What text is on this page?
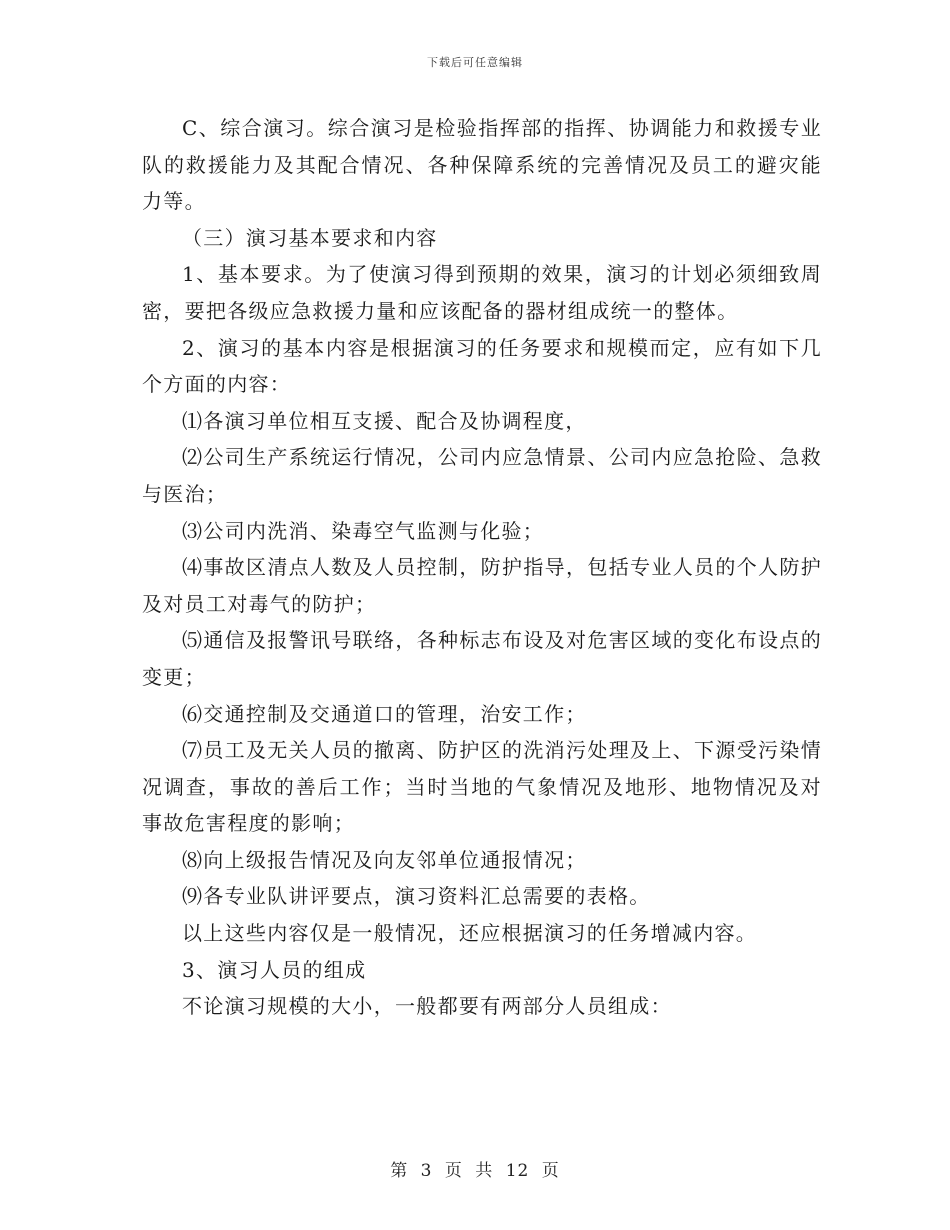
下载后可任意编辑

C、综合演习。综合演习是检验指挥部的指挥、协调能力和救援专业队的救援能力及其配合情况、各种保障系统的完善情况及员工的避灾能力等。

（三）演习基本要求和内容

1、基本要求。为了使演习得到预期的效果，演习的计划必须细致周密，要把各级应急救援力量和应该配备的器材组成统一的整体。

2、演习的基本内容是根据演习的任务要求和规模而定，应有如下几个方面的内容：

⑴各演习单位相互支援、配合及协调程度，

⑵公司生产系统运行情况，公司内应急情景、公司内应急抢险、急救与医治；

⑶公司内洗消、染毒空气监测与化验；

⑷事故区清点人数及人员控制，防护指导，包括专业人员的个人防护及对员工对毒气的防护；

⑸通信及报警讯号联络，各种标志布设及对危害区域的变化布设点的变更；

⑹交通控制及交通道口的管理，治安工作；

⑺员工及无关人员的撤离、防护区的洗消污处理及上、下源受污染情况调查，事故的善后工作；当时当地的气象情况及地形、地物情况及对事故危害程度的影响；

⑻向上级报告情况及向友邻单位通报情况；

⑼各专业队讲评要点，演习资料汇总需要的表格。

以上这些内容仅是一般情况，还应根据演习的任务增减内容。

3、演习人员的组成

不论演习规模的大小，一般都要有两部分人员组成：

第 3 页 共 12 页
